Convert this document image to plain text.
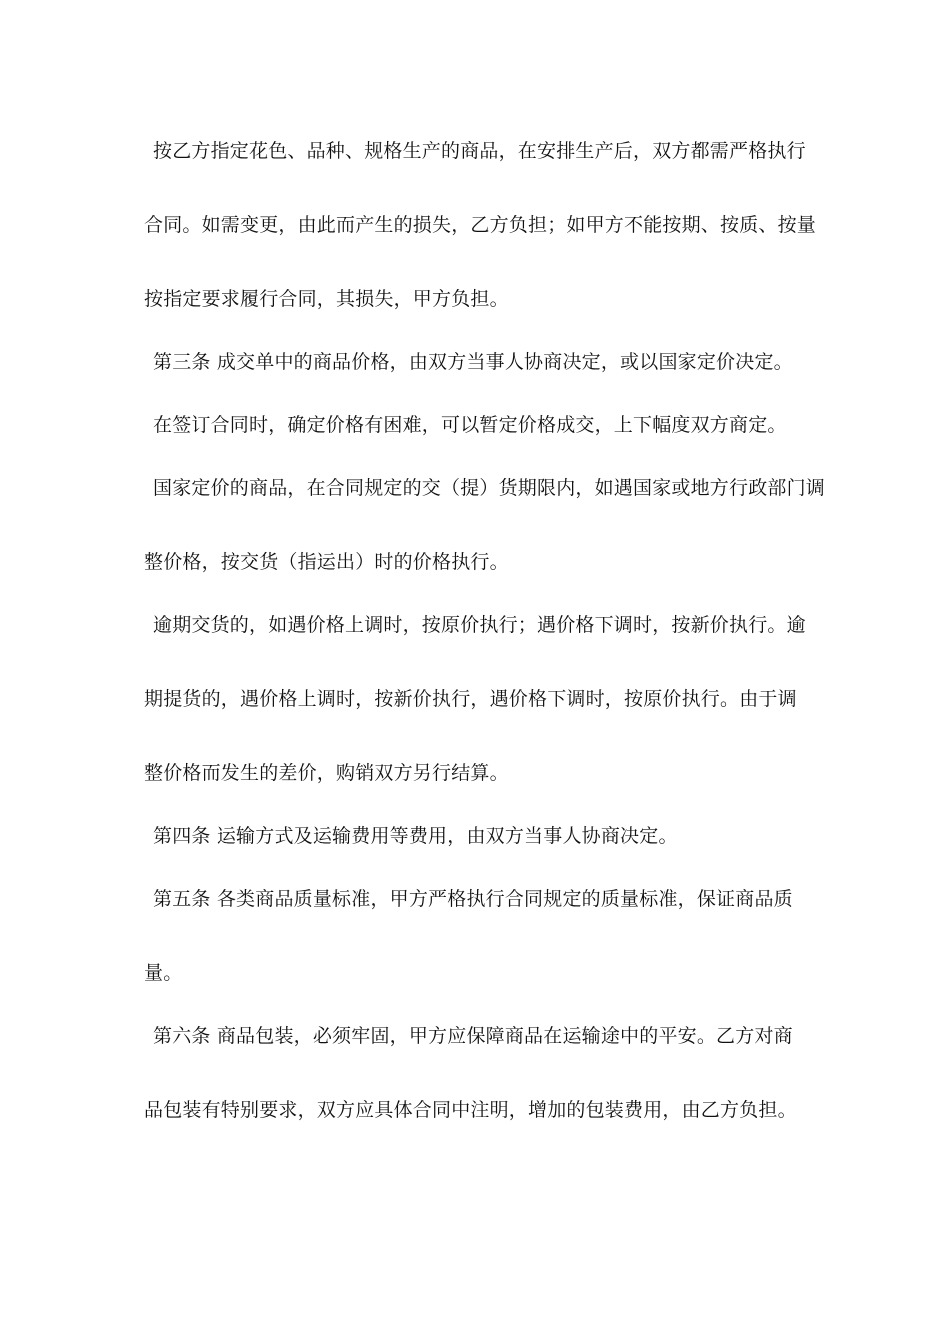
按乙方指定花色、品种、规格生产的商品，在安排生产后，双方都需严格执行
合同。如需变更，由此而产生的损失，乙方负担；如甲方不能按期、按质、按量
按指定要求履行合同，其损失，甲方负担。
第三条 成交单中的商品价格，由双方当事人协商决定，或以国家定价决定。
在签订合同时，确定价格有困难，可以暂定价格成交，上下幅度双方商定。
国家定价的商品，在合同规定的交（提）货期限内，如遇国家或地方行政部门调
整价格，按交货（指运出）时的价格执行。
逾期交货的，如遇价格上调时，按原价执行；遇价格下调时，按新价执行。逾
期提货的，遇价格上调时，按新价执行，遇价格下调时，按原价执行。由于调
整价格而发生的差价，购销双方另行结算。
第四条 运输方式及运输费用等费用，由双方当事人协商决定。
第五条 各类商品质量标准，甲方严格执行合同规定的质量标准，保证商品质
量。
第六条 商品包装，必须牢固，甲方应保障商品在运输途中的平安。乙方对商
品包装有特别要求，双方应具体合同中注明，增加的包装费用，由乙方负担。
